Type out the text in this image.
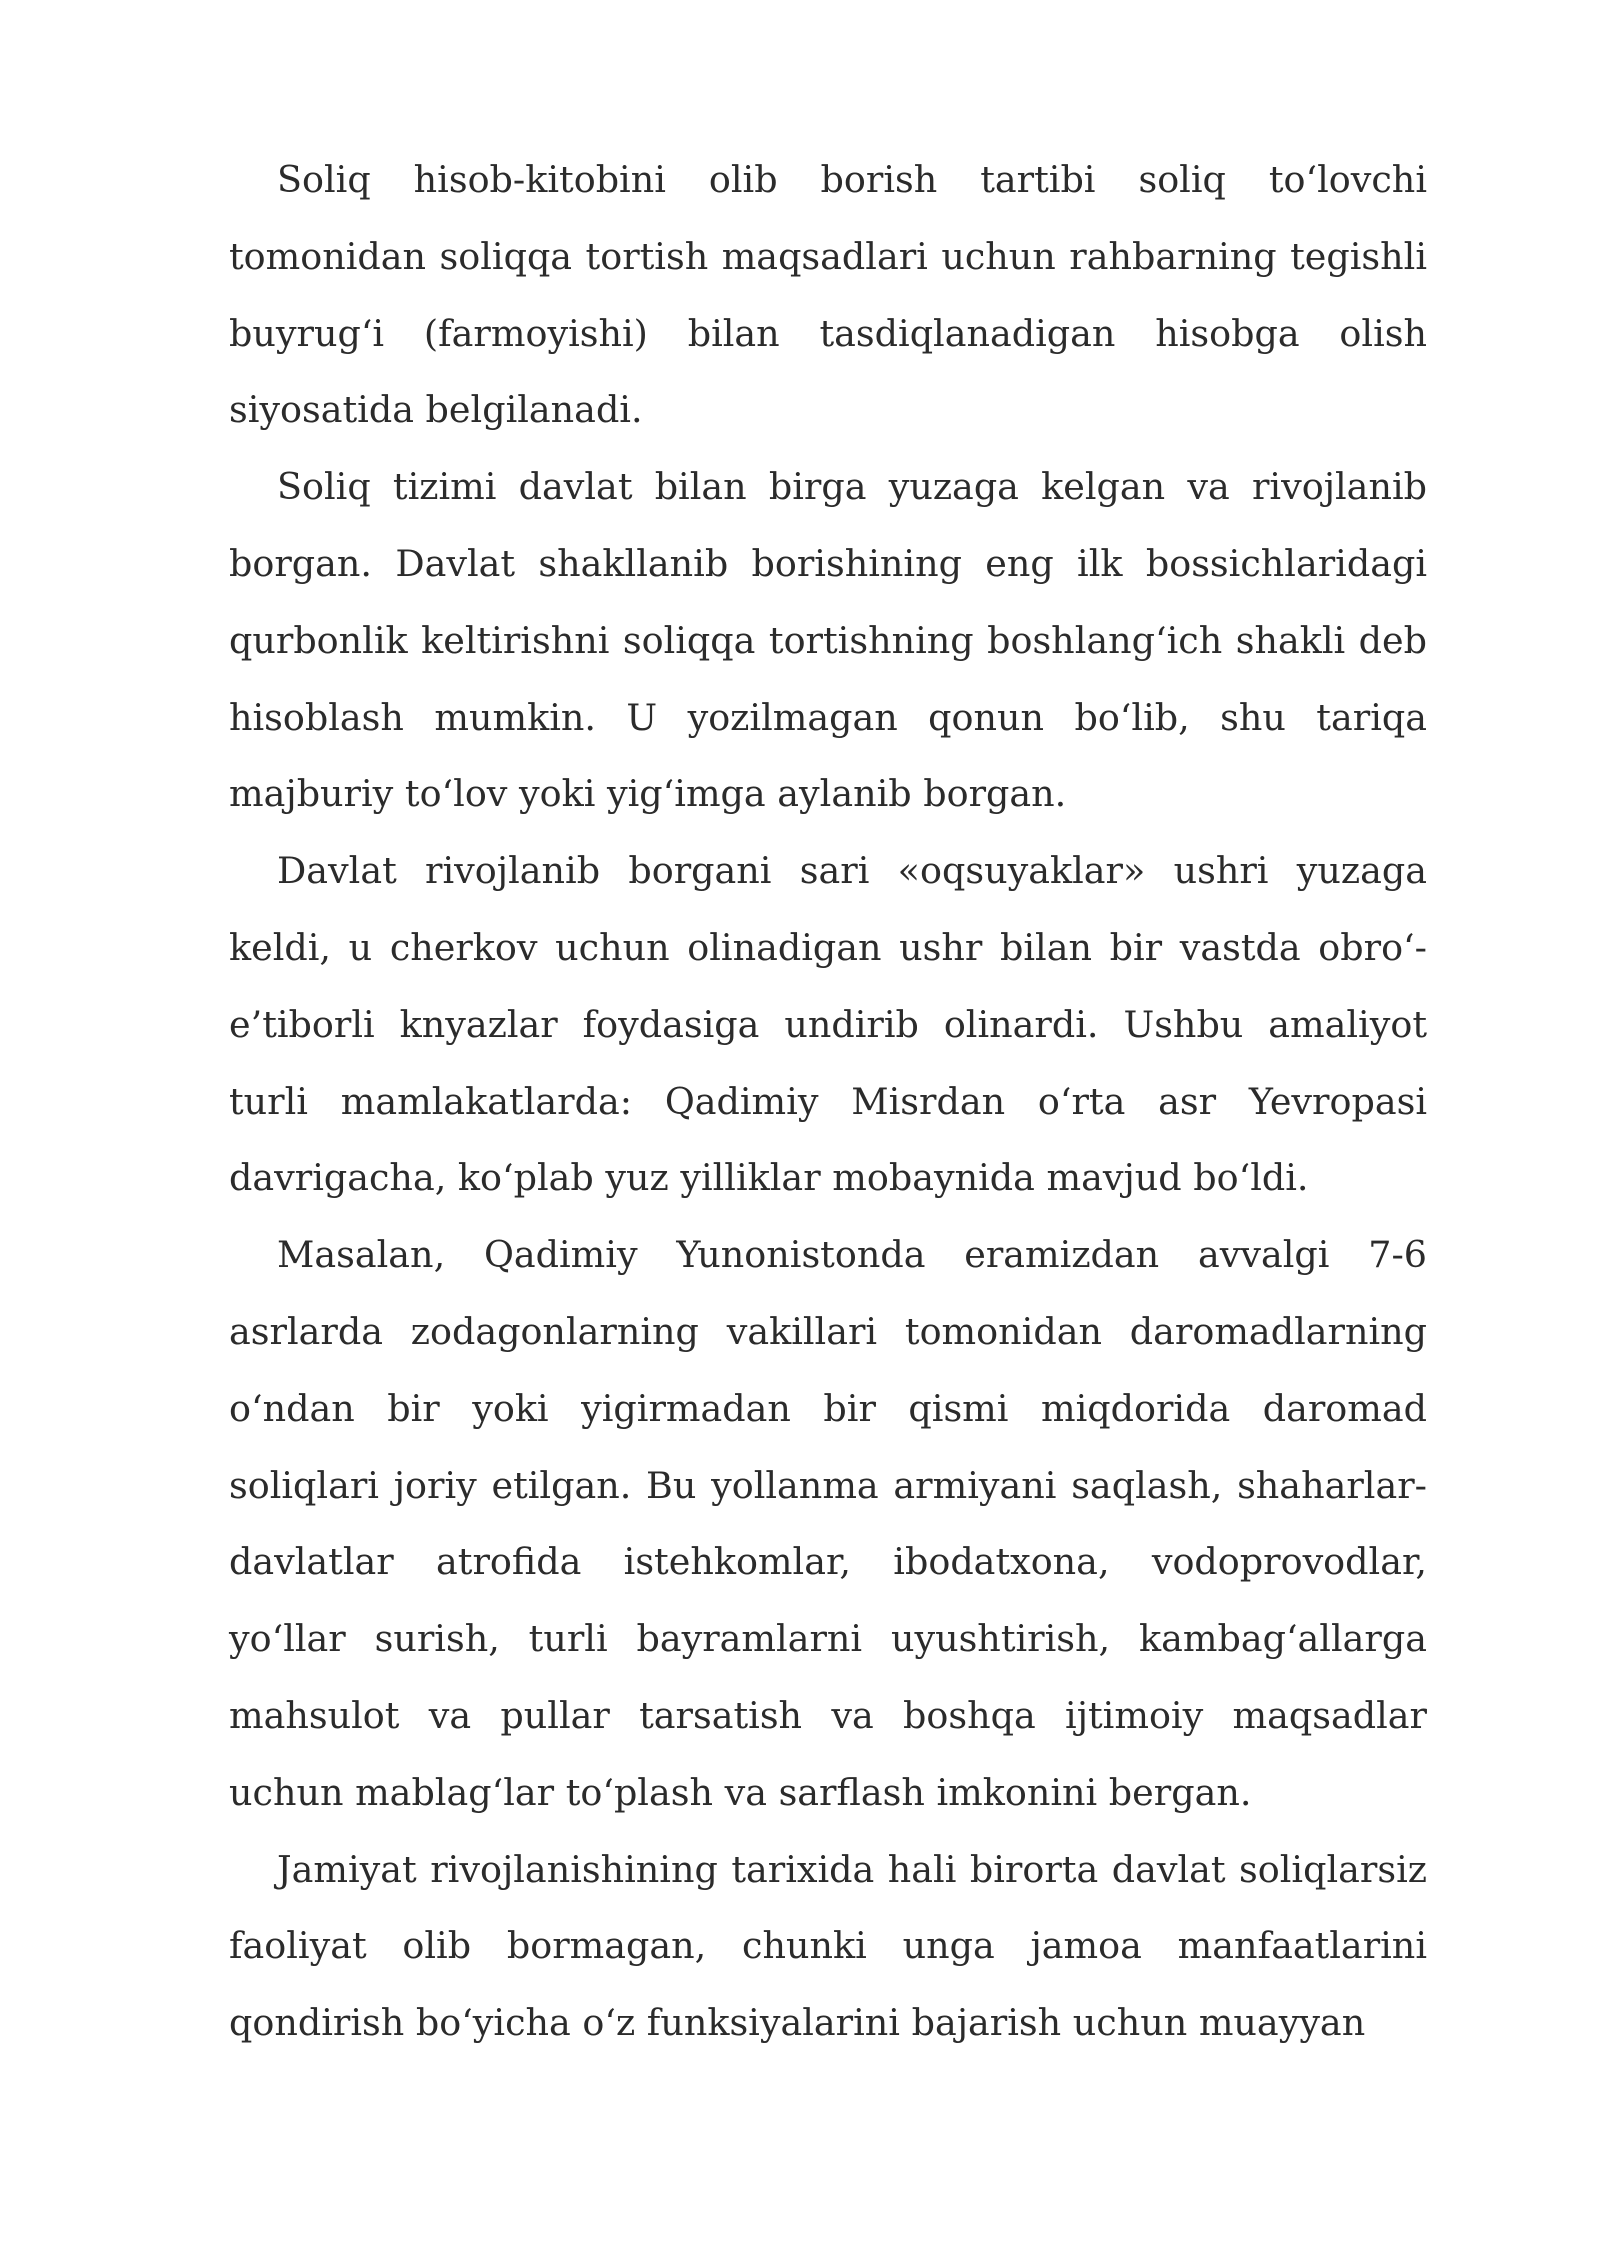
Soliq hisob-kitobini olib borish tartibi soliq to‘lovchi tomonidan soliqqa tortish maqsadlari uchun rahbarning tegishli buyrug‘i (farmoyishi) bilan tasdiqlanadigan hisobga olish siyosatida belgilanadi.

Soliq tizimi davlat bilan birga yuzaga kelgan va rivojlanib borgan. Davlat shakllanib borishining eng ilk bossichlaridagi qurbonlik keltirishni soliqqa tortishning boshlang‘ich shakli deb hisoblash mumkin. U yozilmagan qonun bo‘lib, shu tariqa majburiy to‘lov yoki yig‘imga aylanib borgan.

Davlat rivojlanib borgani sari «oqsuyaklar» ushri yuzaga keldi, u cherkov uchun olinadigan ushr bilan bir vastda obro‘-e’tiborli knyazlar foydasiga undirib olinardi. Ushbu amaliyot turli mamlakatlarda: Qadimiy Misrdan o‘rta asr Yevropasi davrigacha, ko‘plab yuz yilliklar mobaynida mavjud bo‘ldi.

Masalan, Qadimiy Yunonistonda eramizdan avvalgi 7-6 asrlarda zodagonlarning vakillari tomonidan daromadlarning o‘ndan bir yoki yigirmadan bir qismi miqdorida daromad soliqlari joriy etilgan. Bu yollanma armiyani saqlash, shaharlar-davlatlar atrofida istehkomlar, ibodatxona, vodoprovodlar, yo‘llar surish, turli bayramlarni uyushtirish, kambag‘allarga mahsulot va pullar tarsatish va boshqa ijtimoiy maqsadlar uchun mablag‘lar to‘plash va sarflash imkonini bergan.

Jamiyat rivojlanishining tarixida hali birorta davlat soliqlarsiz faoliyat olib bormagan, chunki unga jamoa manfaatlarini qondirish bo‘yicha o‘z funksiyalarini bajarish uchun muayyan
